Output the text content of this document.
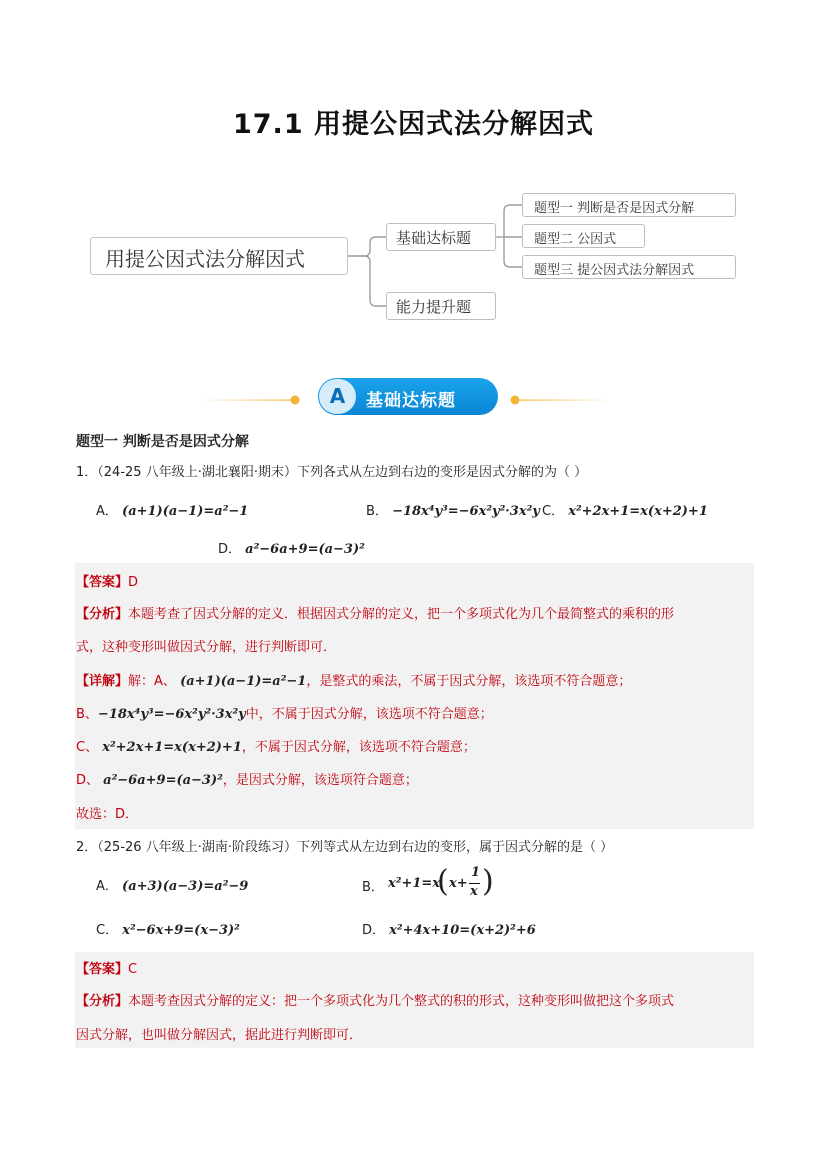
17.1 用提公因式法分解因式
用提公因式法分解因式
基础达标题
能力提升题
题型一 判断是否是因式分解
题型二 公因式
题型三 提公因式法分解因式
A	基础达标题
题型一 判断是否是因式分解
1．（24-25 八年级上·湖北襄阳·期末）下列各式从左边到右边的变形是因式分解的为（ ）
A． (a+1)(a−1)=a²−1	B． −18x⁴y³=−6x²y²·3x²y C． x²+2x+1=x(x+2)+1
D． a²−6a+9=(a−3)²
【答案】D
【分析】本题考查了因式分解的定义．根据因式分解的定义，把一个多项式化为几个最简整式的乘积的形
式，这种变形叫做因式分解，进行判断即可．
【详解】解：A、 (a+1)(a−1)=a²−1，是整式的乘法，不属于因式分解，该选项不符合题意；
B、−18x⁴y³=−6x²y²·3x²y中，不属于因式分解，该选项不符合题意；
C、 x²+2x+1=x(x+2)+1，不属于因式分解，该选项不符合题意；
D、 a²−6a+9=(a−3)²，是因式分解，该选项符合题意；
故选：D．
2．（25-26 八年级上·湖南·阶段练习）下列等式从左边到右边的变形，属于因式分解的是（ ）
A． (a+3)(a−3)=a²−9	B． x²+1=x
( x+
1
x )
C． x²−6x+9=(x−3)²	D． x²+4x+10=(x+2)²+6
【答案】C
【分析】本题考查因式分解的定义：把一个多项式化为几个整式的积的形式，这种变形叫做把这个多项式
因式分解，也叫做分解因式，据此进行判断即可．
